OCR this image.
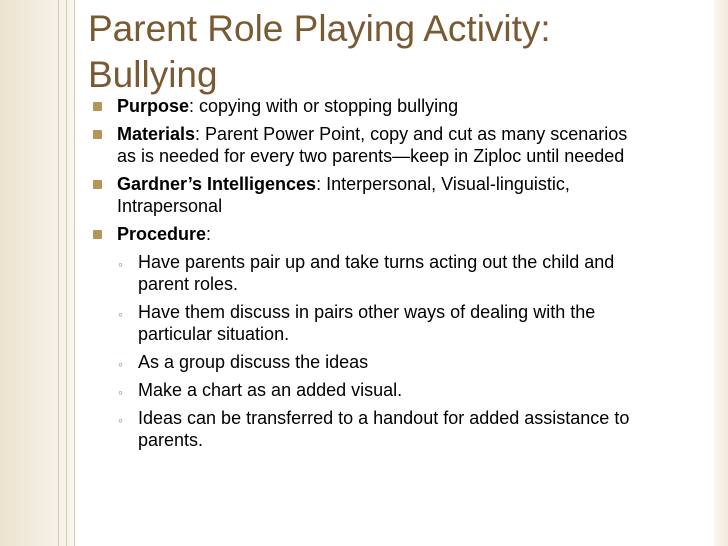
Parent Role Playing Activity: Bullying
Purpose: copying with or stopping bullying
Materials: Parent Power Point, copy and cut as many scenarios as is needed for every two parents—keep in Ziploc until needed
Gardner’s Intelligences: Interpersonal, Visual-linguistic, Intrapersonal
Procedure:
◦ Have parents pair up and take turns acting out the child and parent roles.
◦ Have them discuss in pairs other ways of dealing with the particular situation.
◦ As a group discuss the ideas
◦ Make a chart as an added visual.
◦ Ideas can be transferred to a handout for added assistance to parents.
